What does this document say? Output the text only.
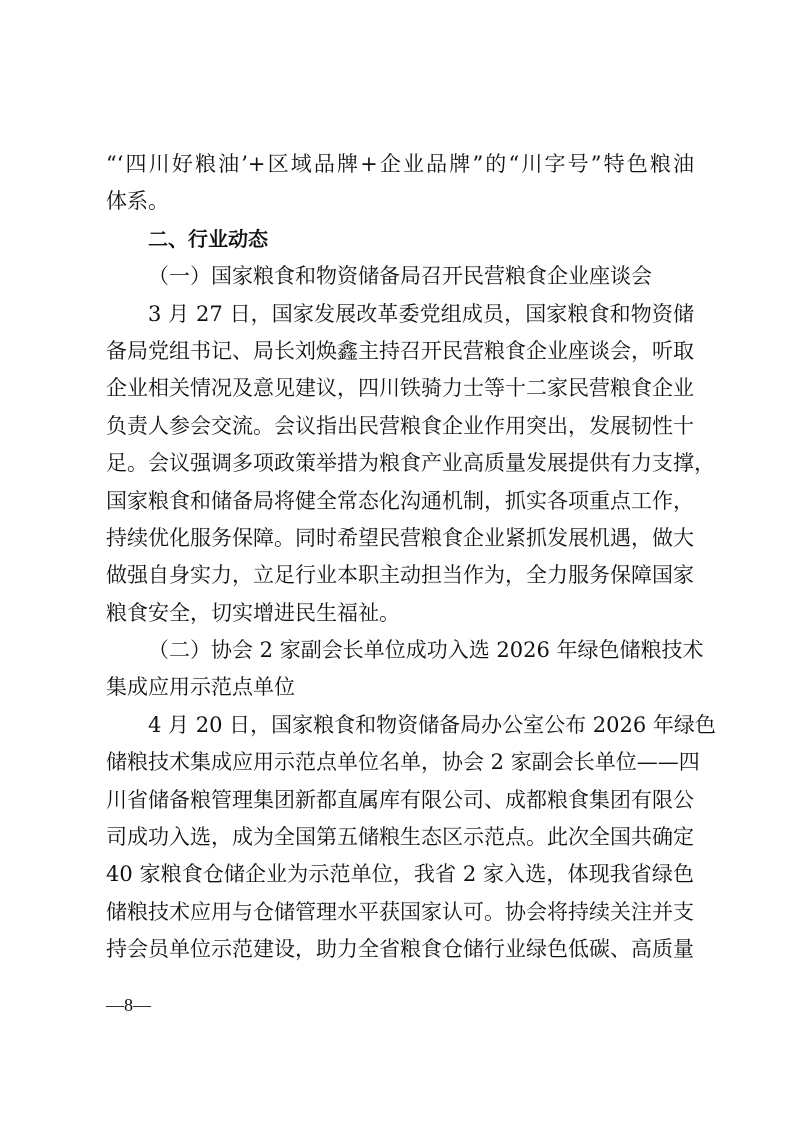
“‘四川好粮油’+区域品牌+企业品牌”的“川字号”特色粮油
体系。
二、行业动态
（一）国家粮食和物资储备局召开民营粮食企业座谈会
3 月 27 日，国家发展改革委党组成员，国家粮食和物资储
备局党组书记、局长刘焕鑫主持召开民营粮食企业座谈会，听取
企业相关情况及意见建议，四川铁骑力士等十二家民营粮食企业
负责人参会交流。会议指出民营粮食企业作用突出，发展韧性十
足。会议强调多项政策举措为粮食产业高质量发展提供有力支撑，
国家粮食和储备局将健全常态化沟通机制，抓实各项重点工作，
持续优化服务保障。同时希望民营粮食企业紧抓发展机遇，做大
做强自身实力，立足行业本职主动担当作为，全力服务保障国家
粮食安全，切实增进民生福祉。
（二）协会 2 家副会长单位成功入选 2026 年绿色储粮技术
集成应用示范点单位
4 月 20 日，国家粮食和物资储备局办公室公布 2026 年绿色
储粮技术集成应用示范点单位名单，协会 2 家副会长单位——四
川省储备粮管理集团新都直属库有限公司、成都粮食集团有限公
司成功入选，成为全国第五储粮生态区示范点。此次全国共确定
40 家粮食仓储企业为示范单位，我省 2 家入选，体现我省绿色
储粮技术应用与仓储管理水平获国家认可。协会将持续关注并支
持会员单位示范建设，助力全省粮食仓储行业绿色低碳、高质量
—8—
